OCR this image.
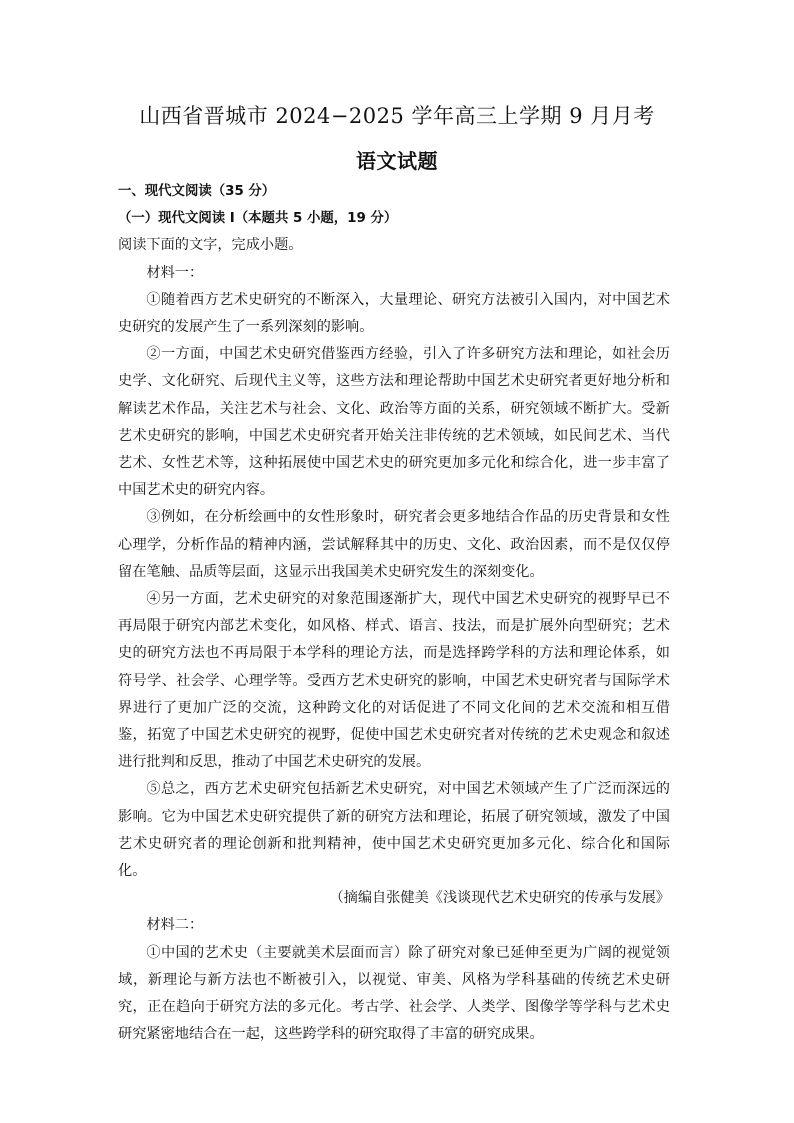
山西省晋城市 2024−2025 学年高三上学期 9 月月考
语文试题

一、现代文阅读（35 分）

（一）现代文阅读 I（本题共 5 小题，19 分）

阅读下面的文字，完成小题。

材料一：

①随着西方艺术史研究的不断深入，大量理论、研究方法被引入国内，对中国艺术史研究的发展产生了一系列深刻的影响。

②一方面，中国艺术史研究借鉴西方经验，引入了许多研究方法和理论，如社会历史学、文化研究、后现代主义等，这些方法和理论帮助中国艺术史研究者更好地分析和解读艺术作品，关注艺术与社会、文化、政治等方面的关系，研究领域不断扩大。受新艺术史研究的影响，中国艺术史研究者开始关注非传统的艺术领域，如民间艺术、当代艺术、女性艺术等，这种拓展使中国艺术史的研究更加多元化和综合化，进一步丰富了中国艺术史的研究内容。

③例如，在分析绘画中的女性形象时，研究者会更多地结合作品的历史背景和女性心理学，分析作品的精神内涵，尝试解释其中的历史、文化、政治因素，而不是仅仅停留在笔触、品质等层面，这显示出我国美术史研究发生的深刻变化。

④另一方面，艺术史研究的对象范围逐渐扩大，现代中国艺术史研究的视野早已不再局限于研究内部艺术变化，如风格、样式、语言、技法，而是扩展外向型研究；艺术史的研究方法也不再局限于本学科的理论方法，而是选择跨学科的方法和理论体系，如符号学、社会学、心理学等。受西方艺术史研究的影响，中国艺术史研究者与国际学术界进行了更加广泛的交流，这种跨文化的对话促进了不同文化间的艺术交流和相互借鉴，拓宽了中国艺术史研究的视野，促使中国艺术史研究者对传统的艺术史观念和叙述进行批判和反思，推动了中国艺术史研究的发展。

⑤总之，西方艺术史研究包括新艺术史研究，对中国艺术领域产生了广泛而深远的影响。它为中国艺术史研究提供了新的研究方法和理论，拓展了研究领域，激发了中国艺术史研究者的理论创新和批判精神，使中国艺术史研究更加多元化、综合化和国际化。

（摘编自张健美《浅谈现代艺术史研究的传承与发展》

材料二：

①中国的艺术史（主要就美术层面而言）除了研究对象已延伸至更为广阔的视觉领域，新理论与新方法也不断被引入，以视觉、审美、风格为学科基础的传统艺术史研究，正在趋向于研究方法的多元化。考古学、社会学、人类学、图像学等学科与艺术史研究紧密地结合在一起，这些跨学科的研究取得了丰富的研究成果。
